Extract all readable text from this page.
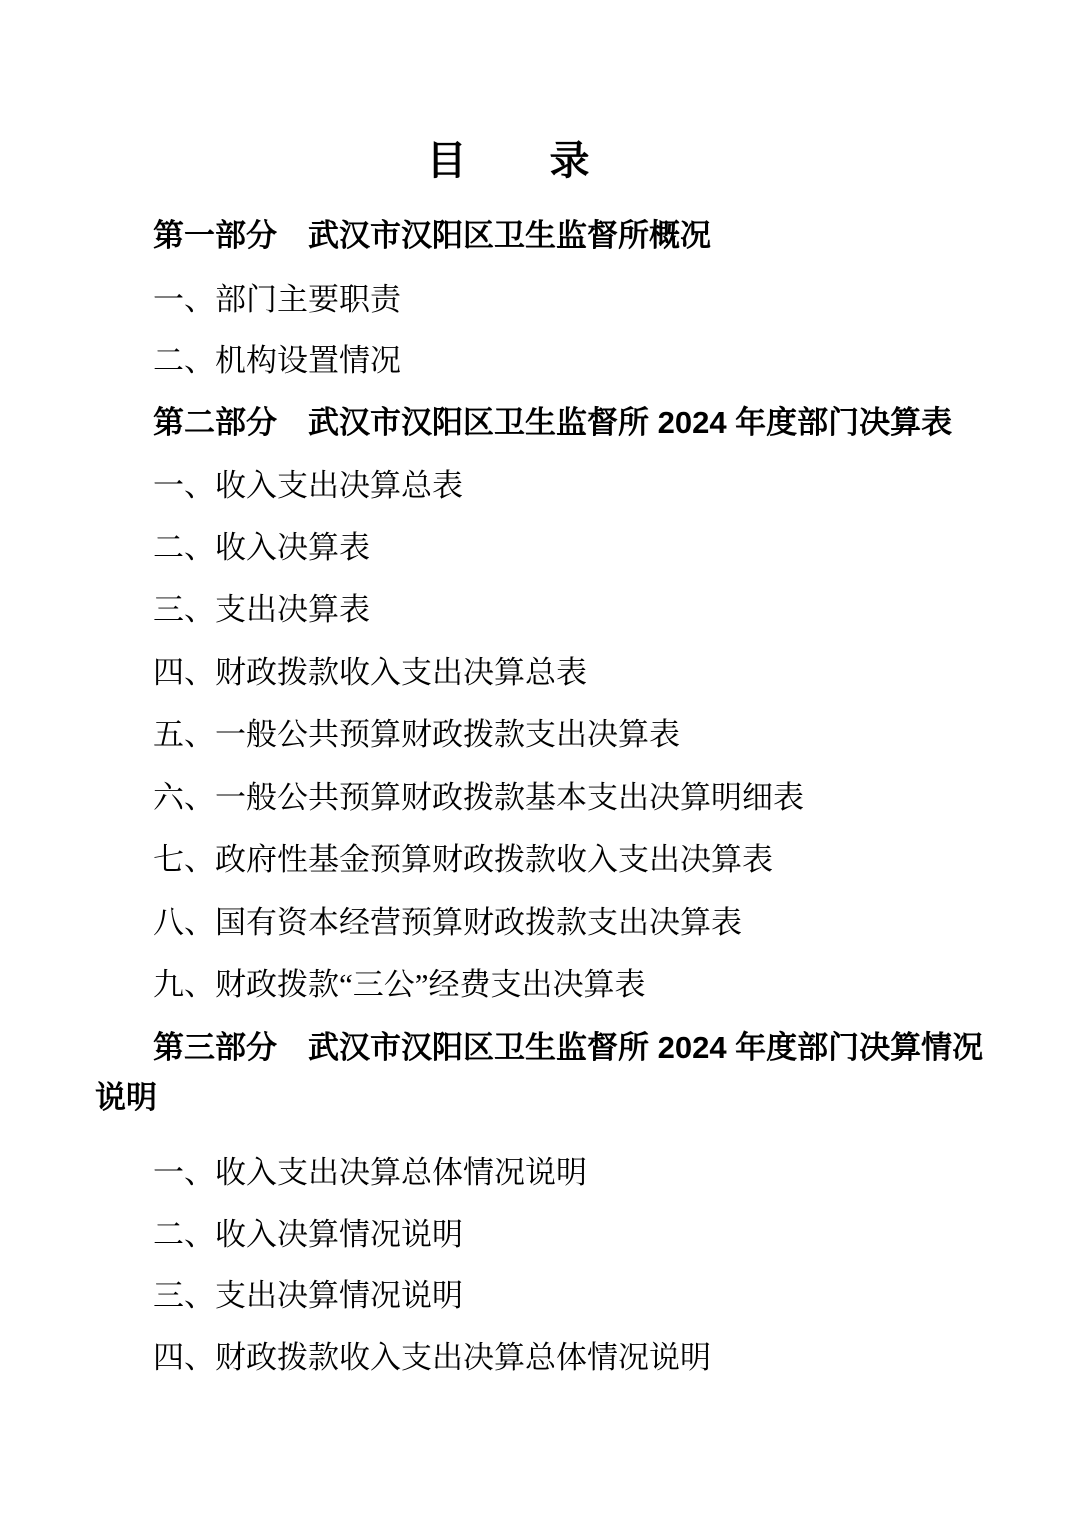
目　　录
第一部分　武汉市汉阳区卫生监督所概况
一、部门主要职责
二、机构设置情况
第二部分　武汉市汉阳区卫生监督所 2024 年度部门决算表
一、收入支出决算总表
二、收入决算表
三、支出决算表
四、财政拨款收入支出决算总表
五、一般公共预算财政拨款支出决算表
六、一般公共预算财政拨款基本支出决算明细表
七、政府性基金预算财政拨款收入支出决算表
八、国有资本经营预算财政拨款支出决算表
九、财政拨款“三公”经费支出决算表
第三部分　武汉市汉阳区卫生监督所 2024 年度部门决算情况
说明
一、收入支出决算总体情况说明
二、收入决算情况说明
三、支出决算情况说明
四、财政拨款收入支出决算总体情况说明
